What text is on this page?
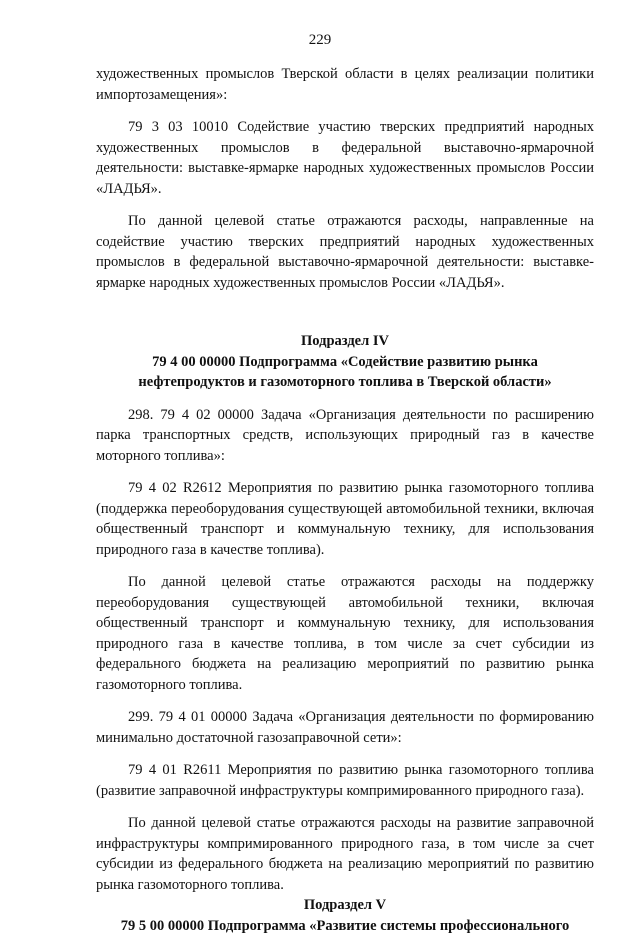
229

художественных промыслов Тверской области в целях реализации политики импортозамещения»:

79 3 03 10010 Содействие участию тверских предприятий народных художественных промыслов в федеральной выставочно-ярмарочной деятельности: выставке-ярмарке народных художественных промыслов России «ЛАДЬЯ».

По данной целевой статье отражаются расходы, направленные на содействие участию тверских предприятий народных художественных промыслов в федеральной выставочно-ярмарочной деятельности: выставке-ярмарке народных художественных промыслов России «ЛАДЬЯ».

Подраздел IV
79 4 00 00000 Подпрограмма «Содействие развитию рынка
нефтепродуктов и газомоторного топлива в Тверской области»

298. 79 4 02 00000 Задача «Организация деятельности по расширению парка транспортных средств, использующих природный газ в качестве моторного топлива»:

79 4 02 R2612 Мероприятия по развитию рынка газомоторного топлива (поддержка переоборудования существующей автомобильной техники, включая общественный транспорт и коммунальную технику, для использования природного газа в качестве топлива).

По данной целевой статье отражаются расходы на поддержку переоборудования существующей автомобильной техники, включая общественный транспорт и коммунальную технику, для использования природного газа в качестве топлива, в том числе за счет субсидии из федерального бюджета на реализацию мероприятий по развитию рынка газомоторного топлива.

299. 79 4 01 00000 Задача «Организация деятельности по формированию минимально достаточной газозаправочной сети»:

79 4 01 R2611 Мероприятия по развитию рынка газомоторного топлива (развитие заправочной инфраструктуры компримированного природного газа).

По данной целевой статье отражаются расходы на развитие заправочной инфраструктуры компримированного природного газа, в том числе за счет субсидии из федерального бюджета на реализацию мероприятий по развитию рынка газомоторного топлива.

Подраздел V
79 5 00 00000 Подпрограмма «Развитие системы профессионального
